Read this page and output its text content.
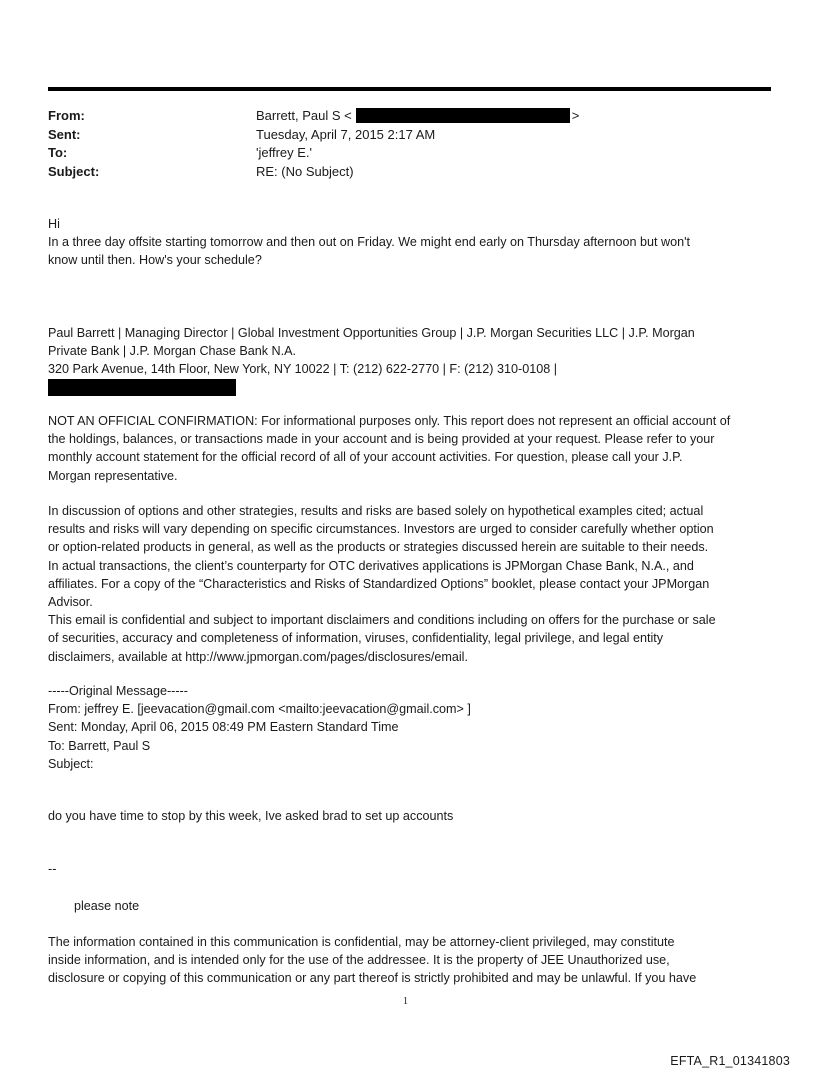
From:	Barrett, Paul S <	>
Sent:	Tuesday, April 7, 2015 2:17 AM
To:	'jeffrey E.'
Subject:	RE: (No Subject)

Hi

In a three day offsite starting tomorrow and then out on Friday. We might end early on Thursday afternoon but won't

know until then. How's your schedule?

Paul Barrett | Managing Director | Global Investment Opportunities Group | J.P. Morgan Securities LLC | J.P. Morgan

Private Bank | J.P. Morgan Chase Bank N.A.

320 Park Avenue, 14th Floor, New York, NY 10022 | T: (212) 622-2770 | F: (212) 310-0108 |

NOT AN OFFICIAL CONFIRMATION: For informational purposes only. This report does not represent an official account of

the holdings, balances, or transactions made in your account and is being provided at your request. Please refer to your

monthly account statement for the official record of all of your account activities. For question, please call your J.P.

Morgan representative.

In discussion of options and other strategies, results and risks are based solely on hypothetical examples cited; actual

results and risks will vary depending on specific circumstances. Investors are urged to consider carefully whether option

or option-related products in general, as well as the products or strategies discussed herein are suitable to their needs.

In actual transactions, the client’s counterparty for OTC derivatives applications is JPMorgan Chase Bank, N.A., and

affiliates. For a copy of the “Characteristics and Risks of Standardized Options” booklet, please contact your JPMorgan

Advisor.

This email is confidential and subject to important disclaimers and conditions including on offers for the purchase or sale

of securities, accuracy and completeness of information, viruses, confidentiality, legal privilege, and legal entity

disclaimers, available at http://www.jpmorgan.com/pages/disclosures/email.

-----Original Message-----

From: jeffrey E. [jeevacation@gmail.com <mailto:jeevacation@gmail.com> ]

Sent: Monday, April 06, 2015 08:49 PM Eastern Standard Time

To: Barrett, Paul S

Subject:

do you have time to stop by this week, Ive asked brad to set up accounts

--

please note

The information contained in this communication is confidential, may be attorney-client privileged, may constitute

inside information, and is intended only for the use of the addressee. It is the property of JEE Unauthorized use,

disclosure or copying of this communication or any part thereof is strictly prohibited and may be unlawful. If you have

1
EFTA_R1_01341803
